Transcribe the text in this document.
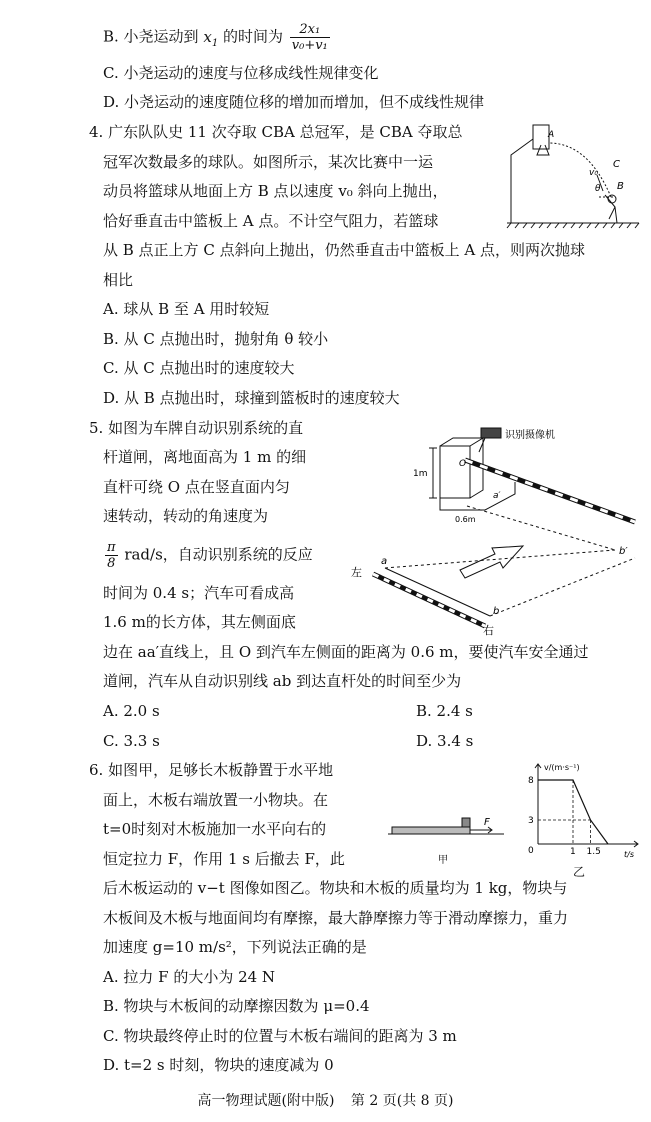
B. 小尧运动到 $x_1$ 的时间为 $\frac{\text{2x₁}}{\text{v₀+v₁}}$
C. 小尧运动的速度与位移成线性规律变化
D. 小尧运动的速度随位移的增加而增加，但不成线性规律
4. 广东队队史 11 次夺取 CBA 总冠军，是 CBA 夺取总
冠军次数最多的球队。如图所示，某次比赛中一运
动员将篮球从地面上方 B 点以速度 v₀ 斜向上抛出，
恰好垂直击中篮板上 A 点。不计空气阻力，若篮球
从 B 点正上方 C 点斜向上抛出，仍然垂直击中篮板上 A 点，则两次抛球
相比
A. 球从 B 至 A 用时较短
B. 从 C 点抛出时，抛射角 θ 较小
C. 从 C 点抛出时的速度较大
D. 从 B 点抛出时，球撞到篮板时的速度较大
A
C
B
v₀
θ
5. 如图为车牌自动识别系统的直
杆道闸，离地面高为 1 m 的细
直杆可绕 O 点在竖直面内匀
速转动，转动的角速度为
$\frac{\pi}{8} rad/s$，自动识别系统的反应
时间为 0.4 s；汽车可看成高
1.6 m的长方体，其左侧面底
边在 aa′直线上，且 O 到汽车左侧面的距离为 0.6 m，要使汽车安全通过
道闸，汽车从自动识别线 ab 到达直杆处的时间至少为
A. 2.0 s	B. 2.4 s
C. 3.3 s	D. 3.4 s
识别摄像机
1m
O
0.6m
a
a′
b
b′
左
右
6. 如图甲，足够长木板静置于水平地
面上，木板右端放置一小物块。在
t=0时刻对木板施加一水平向右的
恒定拉力 F，作用 1 s 后撤去 F，此
后木板运动的 v−t 图像如图乙。物块和木板的质量均为 1 kg，物块与
木板间及木板与地面间均有摩擦，最大静摩擦力等于滑动摩擦力，重力
加速度 g=10 m/s²，下列说法正确的是
A. 拉力 F 的大小为 24 N
B. 物块与木板间的动摩擦因数为 μ=0.4
C. 物块最终停止时的位置与木板右端间的距离为 3 m
D. t=2 s 时刻，物块的速度减为 0
F
甲
v/(m·s⁻¹)
t/s
8
3
0	1 1.5
乙
高一物理试题(附中版) 第 2 页(共 8 页)
